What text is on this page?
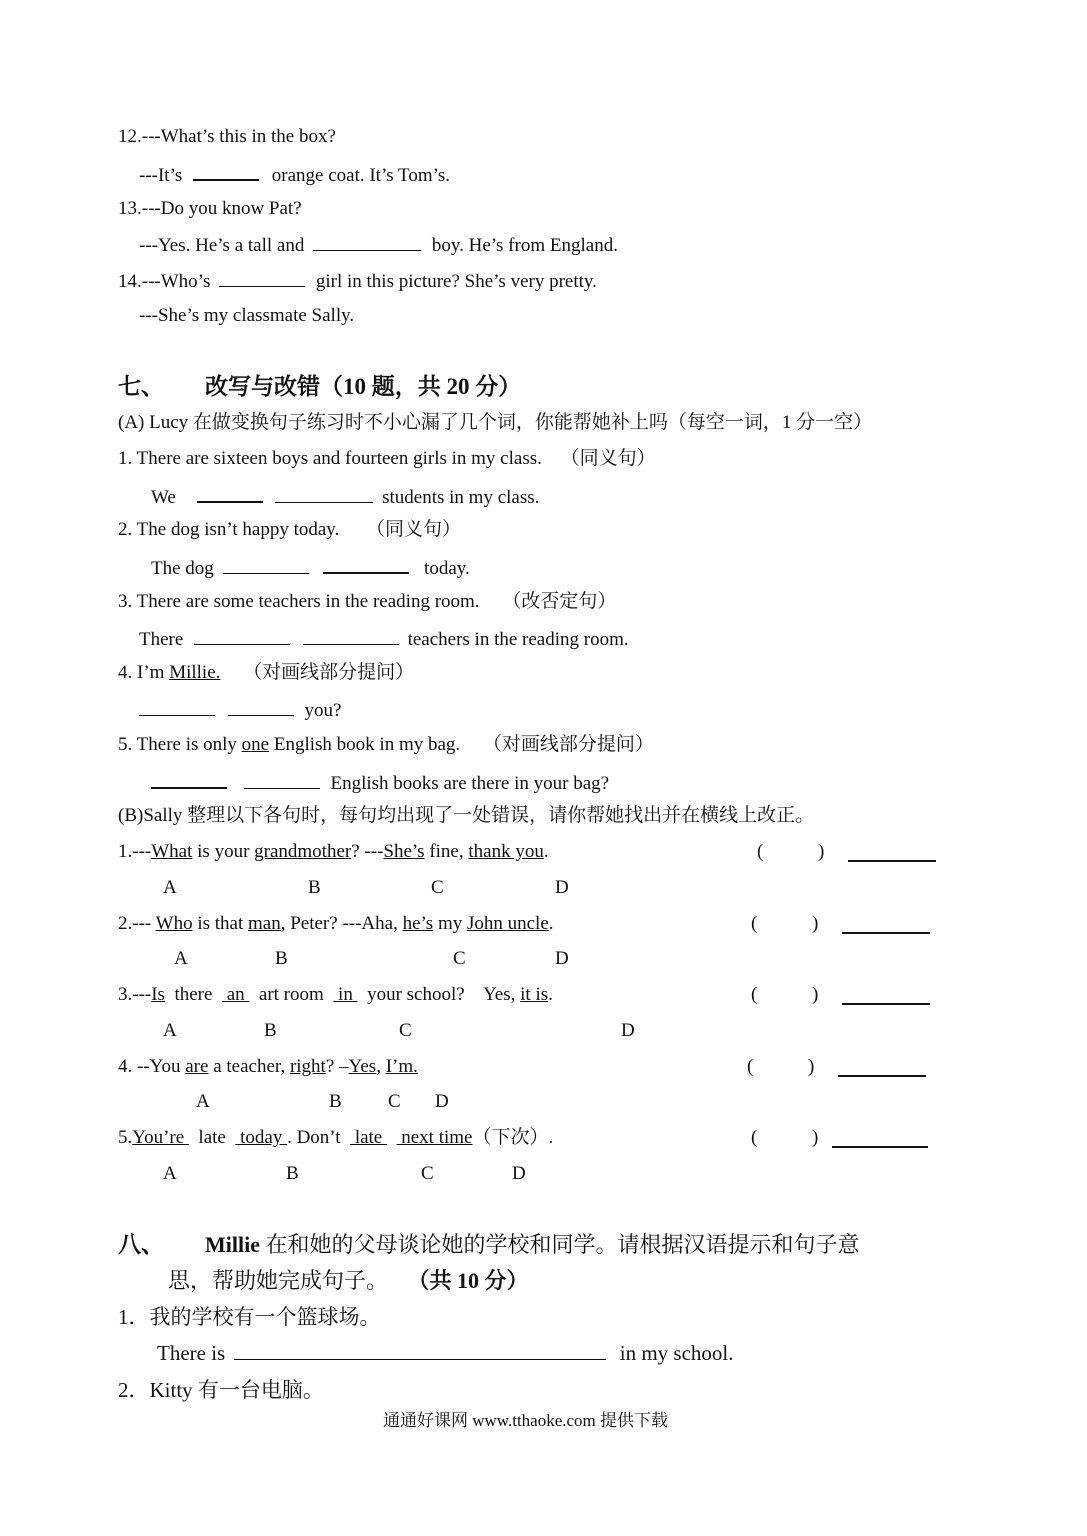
12.---What’s this in the box?
---It’s	orange coat. It’s Tom’s.
13.---Do you know Pat?
---Yes. He’s a tall and	boy. He’s from England.
14.---Who’s	girl in this picture? She’s very pretty.
---She’s my classmate Sally.
七、 改写与改错（10 题，共 20 分）
(A) Lucy 在做变换句子练习时不小心漏了几个词，你能帮她补上吗（每空一词，1 分一空）
1. There are sixteen boys and fourteen girls in my class. （同义句）
We	students in my class.
2. The dog isn’t happy today. （同义句）
The dog	today.
3. There are some teachers in the reading room. （改否定句）
There	teachers in the reading room.
4. I’m Millie. （对画线部分提问）
you?
5. There is only one English book in my bag. （对画线部分提问）
English books are there in your bag?
(B)Sally 整理以下各句时，每句均出现了一处错误，请你帮她找出并在横线上改正。
1.---What is your grandmother? ---She’s fine, thank you.	(	)
A	B	C	D
2.--- Who is that man, Peter? ---Aha, he’s my John uncle.	(	)
A	B	C	D
3.---Is  there   an   art room   in   your school?    Yes, it is.	(	)
A	B	C	D
4. --You are a teacher, right? –Yes, I’m.	(	)
A	B C D
5.You’re   late   today . Don’t   late    next time（下次）.	(	)
A	B	C	D
八、 Millie 在和她的父母谈论她的学校和同学。请根据汉语提示和句子意
思，帮助她完成句子。 （共 10 分）
1．我的学校有一个篮球场。
There is	in my school.
2．Kitty 有一台电脑。
通通好课网 www.tthaoke.com 提供下载
